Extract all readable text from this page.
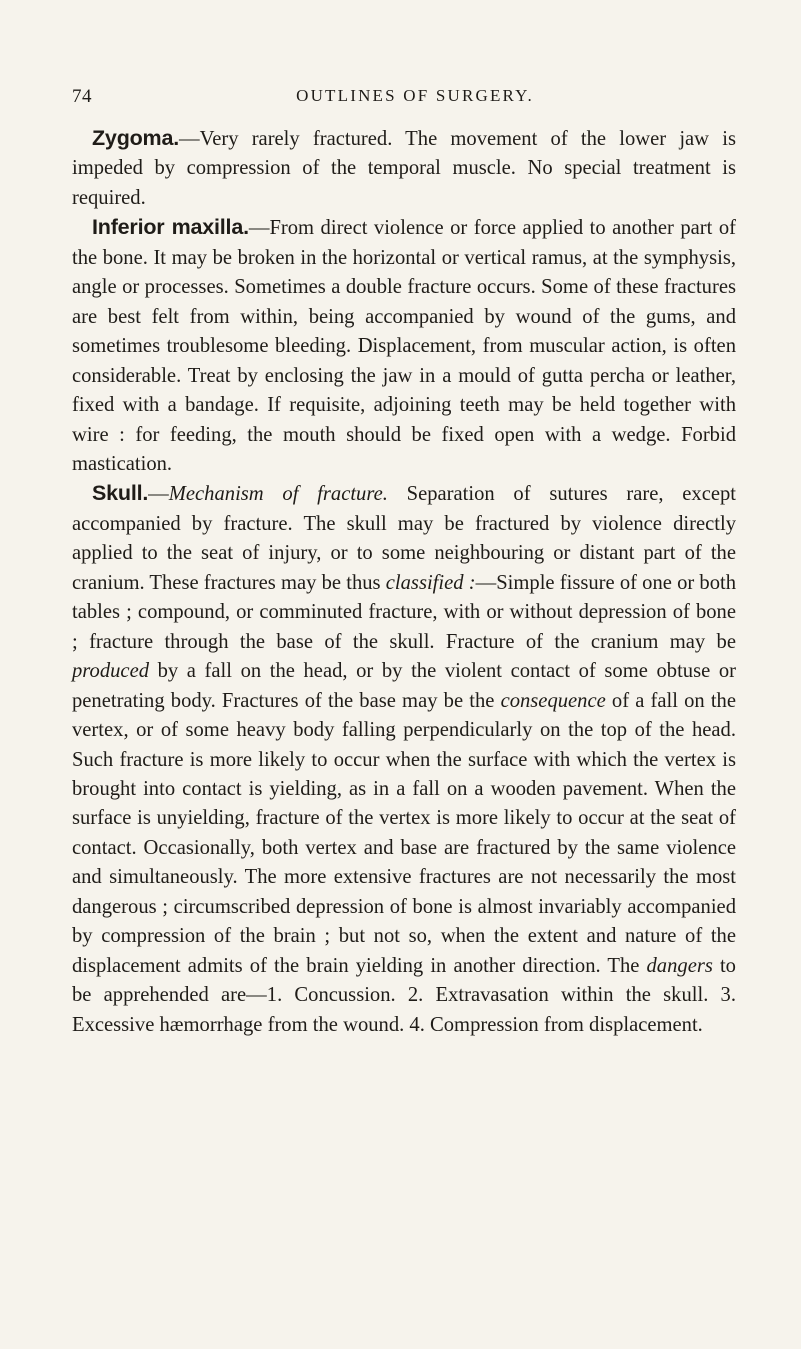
74	OUTLINES OF SURGERY.

Zygoma.—Very rarely fractured. The movement of the lower jaw is impeded by compression of the temporal muscle. No special treatment is required.

Inferior maxilla.—From direct violence or force applied to another part of the bone. It may be broken in the horizontal or vertical ramus, at the symphysis, angle or processes. Sometimes a double fracture occurs. Some of these fractures are best felt from within, being accompanied by wound of the gums, and sometimes troublesome bleeding. Displacement, from muscular action, is often considerable. Treat by enclosing the jaw in a mould of gutta percha or leather, fixed with a bandage. If requisite, adjoining teeth may be held together with wire : for feeding, the mouth should be fixed open with a wedge. Forbid mastication.

Skull.—Mechanism of fracture. Separation of sutures rare, except accompanied by fracture. The skull may be fractured by violence directly applied to the seat of injury, or to some neighbouring or distant part of the cranium. These fractures may be thus classified :—Simple fissure of one or both tables ; compound, or comminuted fracture, with or without depression of bone ; fracture through the base of the skull. Fracture of the cranium may be produced by a fall on the head, or by the violent contact of some obtuse or penetrating body. Fractures of the base may be the consequence of a fall on the vertex, or of some heavy body falling perpendicularly on the top of the head. Such fracture is more likely to occur when the surface with which the vertex is brought into contact is yielding, as in a fall on a wooden pavement. When the surface is unyielding, fracture of the vertex is more likely to occur at the seat of contact. Occasionally, both vertex and base are fractured by the same violence and simultaneously. The more extensive fractures are not necessarily the most dangerous ; circumscribed depression of bone is almost invariably accompanied by compression of the brain ; but not so, when the extent and nature of the displacement admits of the brain yielding in another direction. The dangers to be apprehended are—1. Concussion. 2. Extravasation within the skull. 3. Excessive hæmorrhage from the wound. 4. Compression from displacement.
